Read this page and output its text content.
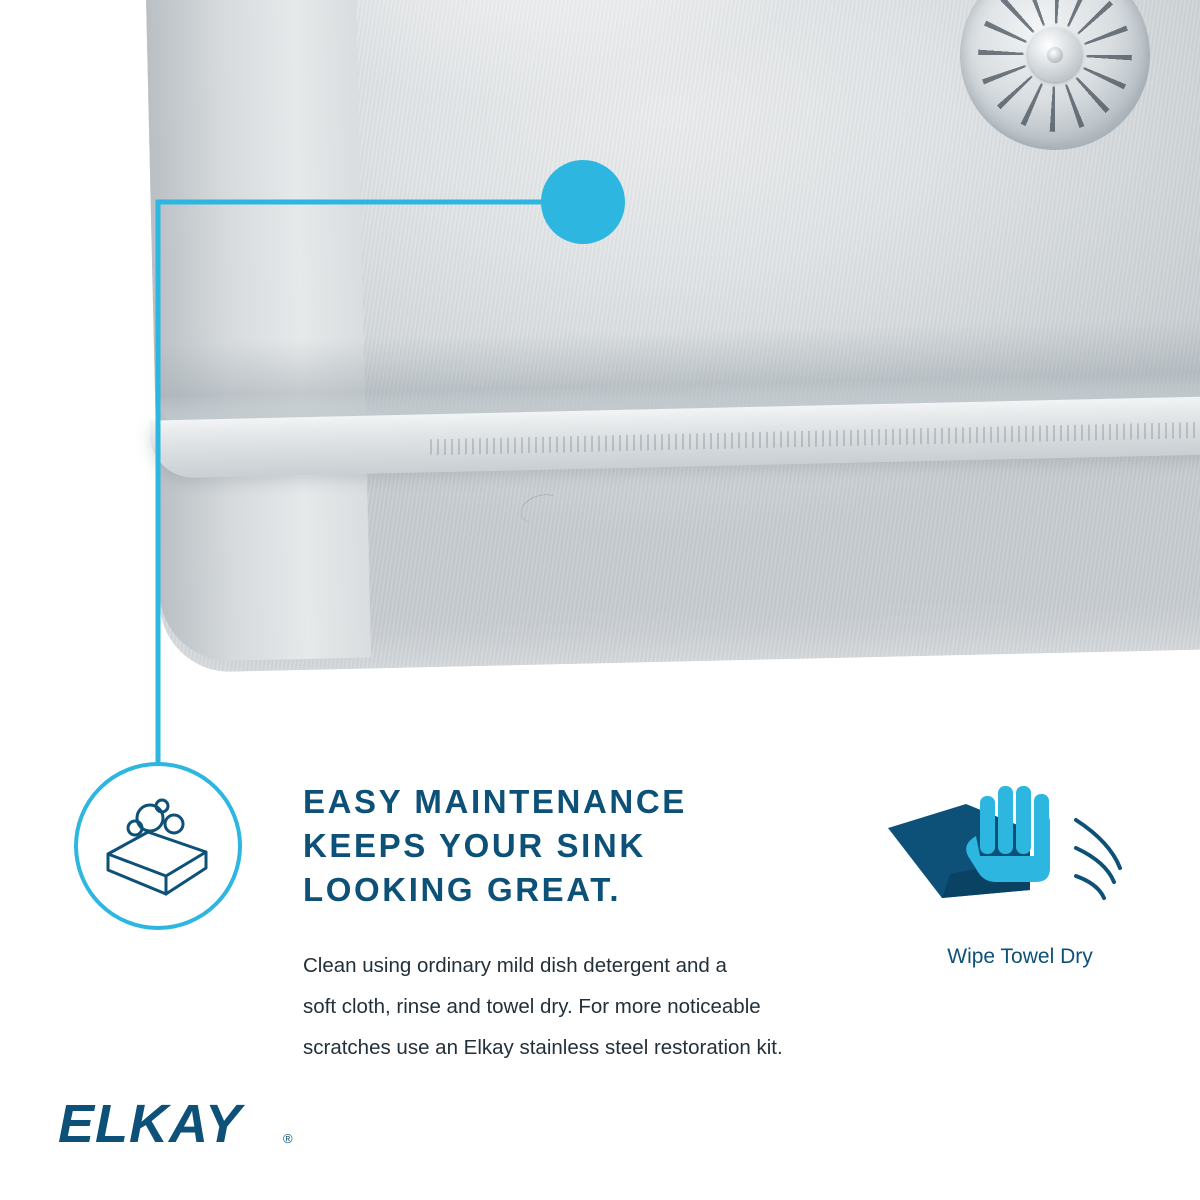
EASY MAINTENANCE
KEEPS YOUR SINK
LOOKING GREAT.
Clean using ordinary mild dish detergent and a
soft cloth, rinse and towel dry. For more noticeable
scratches use an Elkay stainless steel restoration kit.
Wipe Towel Dry
ELKAY	®
